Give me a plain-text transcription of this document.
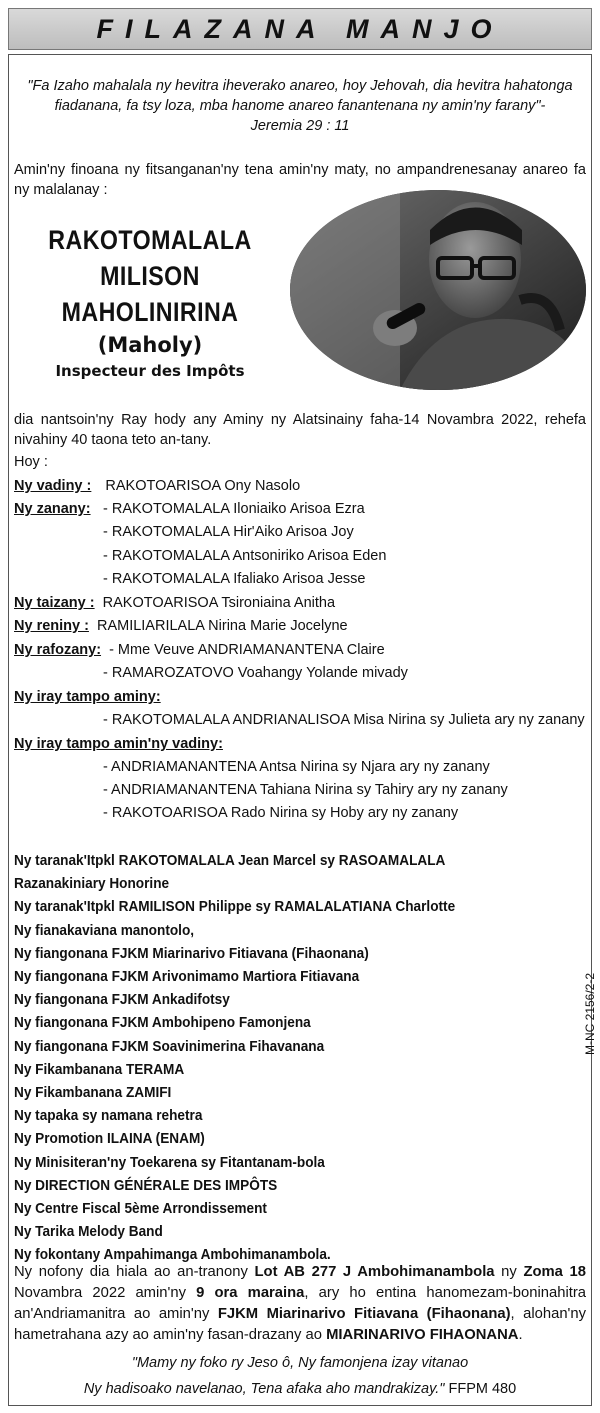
FILAZANA MANJO
"Fa Izaho mahalala ny hevitra iheverako anareo, hoy Jehovah, dia hevitra hahatonga fiadanana, fa tsy loza, mba hanome anareo fanantenana ny amin'ny farany"-
Jeremia 29 : 11
Amin'ny finoana ny fitsanganan'ny tena amin'ny maty, no ampandrenesanay anareo fa ny malalanay :
RAKOTOMALALA
MILISON
MAHOLINIRINA
(Maholy)
Inspecteur des Impôts
dia nantsoin'ny Ray hody any Aminy ny Alatsinainy faha-14 Novambra 2022, rehefa nivahiny 40 taona teto an-tany.
Hoy :
Ny vadiny : RAKOTOARISOA Ony Nasolo
Ny zanany: - RAKOTOMALALA Iloniaiko Arisoa Ezra
- RAKOTOMALALA Hir'Aiko Arisoa Joy
- RAKOTOMALALA Antsoniriko Arisoa Eden
- RAKOTOMALALA Ifaliako Arisoa Jesse
Ny taizany : RAKOTOARISOA Tsironiaina Anitha
Ny reniny : RAMILIARILALA Nirina Marie Jocelyne
Ny rafozany: - Mme Veuve ANDRIAMANANTENA Claire
- RAMAROZATOVO Voahangy Yolande mivady
Ny iray tampo aminy:
- RAKOTOMALALA ANDRIANALISOA Misa Nirina sy Julieta ary ny zanany
Ny iray tampo amin'ny vadiny:
- ANDRIAMANANTENA Antsa Nirina sy Njara ary ny zanany
- ANDRIAMANANTENA Tahiana Nirina sy Tahiry ary ny zanany
- RAKOTOARISOA Rado Nirina sy Hoby ary ny zanany
Ny taranak'Itpkl RAKOTOMALALA Jean Marcel sy RASOAMALALA Razanakiniary Honorine
Ny taranak'Itpkl RAMILISON Philippe sy RAMALALATIANA Charlotte
Ny fianakaviana manontolo,
Ny fiangonana FJKM Miarinarivo Fitiavana (Fihaonana)
Ny fiangonana FJKM Arivonimamo Martiora Fitiavana
Ny fiangonana FJKM Ankadifotsy
Ny fiangonana FJKM Ambohipeno Famonjena
Ny fiangonana FJKM Soavinimerina Fihavanana
Ny Fikambanana TERAMA
Ny Fikambanana ZAMIFI
Ny tapaka sy namana rehetra
Ny Promotion ILAINA (ENAM)
Ny Minisiteran'ny Toekarena sy Fitantanam-bola
Ny DIRECTION GÉNÉRALE DES IMPÔTS
Ny Centre Fiscal 5ème Arrondissement
Ny Tarika Melody Band
Ny fokontany Ampahimanga Ambohimanambola.
M-NC 2156/2-2
Ny nofony dia hiala ao an-tranony Lot AB 277 J Ambohimanambola ny Zoma 18 Novambra 2022 amin'ny 9 ora maraina, ary ho entina hanomezam-boninahitra an'Andriamanitra ao amin'ny FJKM Miarinarivo Fitiavana (Fihaonana), alohan'ny hametrahana azy ao amin'ny fasan-drazany ao MIARINARIVO FIHAONANA.
"Mamy ny foko ry Jeso ô, Ny famonjena izay vitanao
Ny hadisoako navelanao, Tena afaka aho mandrakizay." FFPM 480
